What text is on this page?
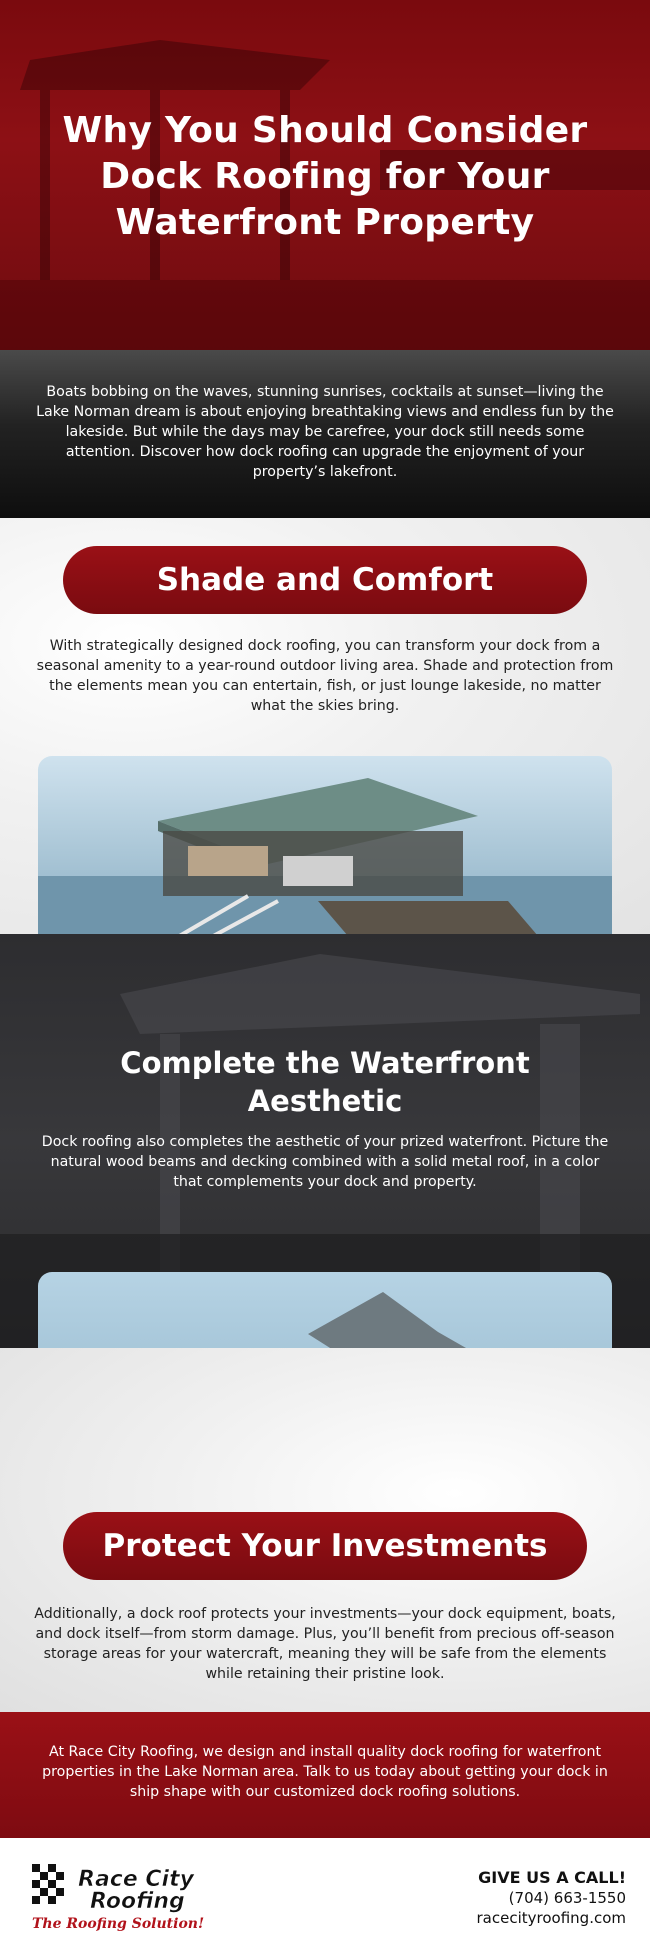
Why You Should Consider Dock Roofing for Your Waterfront Property

Boats bobbing on the waves, stunning sunrises, cocktails at sunset—living the Lake Norman dream is about enjoying breathtaking views and endless fun by the lakeside. But while the days may be carefree, your dock still needs some attention. Discover how dock roofing can upgrade the enjoyment of your property’s lakefront.

Shade and Comfort

With strategically designed dock roofing, you can transform your dock from a seasonal amenity to a year-round outdoor living area. Shade and protection from the elements mean you can entertain, fish, or just lounge lakeside, no matter what the skies bring.

Complete the Waterfront Aesthetic

Dock roofing also completes the aesthetic of your prized waterfront. Picture the natural wood beams and decking combined with a solid metal roof, in a color that complements your dock and property.

Protect Your Investments

Additionally, a dock roof protects your investments—your dock equipment, boats, and dock itself—from storm damage. Plus, you’ll benefit from precious off-season storage areas for your watercraft, meaning they will be safe from the elements while retaining their pristine look.

At Race City Roofing, we design and install quality dock roofing for waterfront properties in the Lake Norman area. Talk to us today about getting your dock in ship shape with our customized dock roofing solutions.

Race City
Roofing
The Roofing Solution!
GIVE US A CALL!
(704) 663-1550
racecityroofing.com
